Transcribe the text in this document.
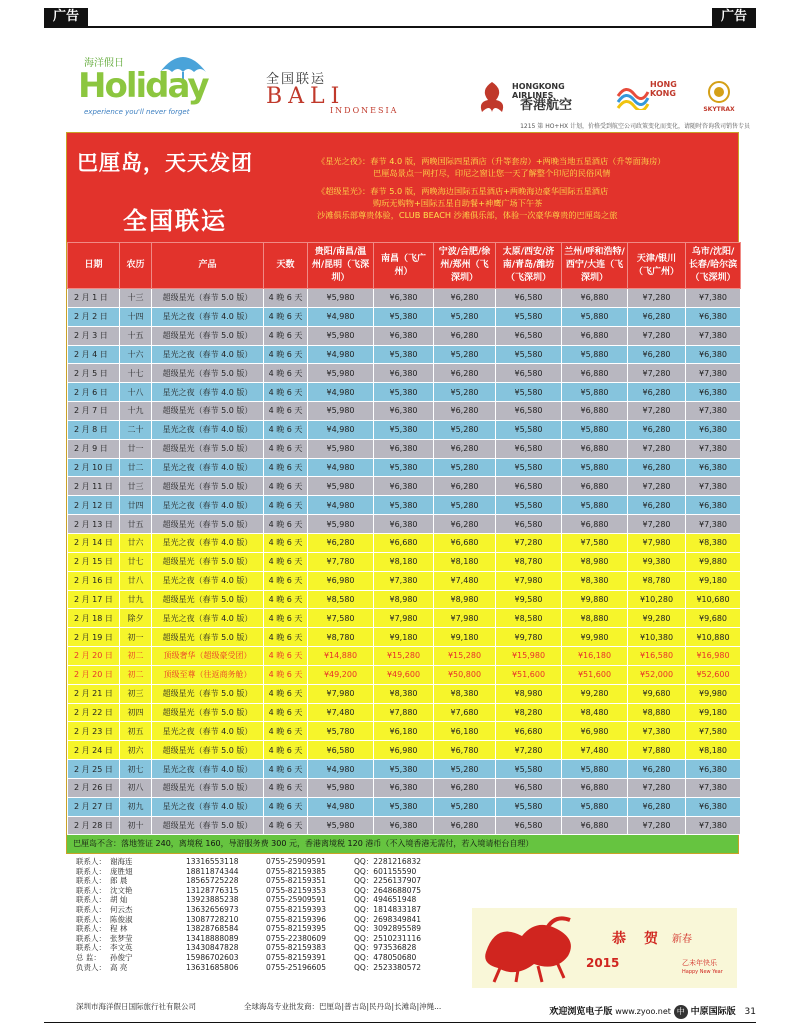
广告	广告
海洋假日
Holiday
experience you'll never forget
全国联运
BALI
INDONESIA
HONGKONG AIRLINES
香港航空
HONG KONG
SKYTRAX
1215 第 HO+HX 计划，价格受到航空公司政策变化而变化，请随时咨询我司销售专员
巴厘岛，天天发团
全国联运
《星光之夜》：春节 4.0 版，两晚国际四星酒店（升等套房）+两晚当地五星酒店（升等面海房）
巴厘岛景点一网打尽，印尼之窗让您一天了解整个印尼的民俗风情
《超级星光》：春节 5.0 版，两晚海边国际五星酒店+两晚海边豪华国际五星酒店
购玩无购物+国际五星自助餐+神鹰广场下午茶
沙滩俱乐部尊贵体验，CLUB BEACH 沙滩俱乐部，体验一次豪华尊贵的巴厘岛之旅
日期	农历	产品	天数	贵阳/南昌/温州/昆明（飞深圳）	南昌（飞广州）	宁波/合肥/徐州/郑州（飞深圳）	太原/西安/济南/青岛/潍坊（飞深圳）	兰州/呼和浩特/西宁/大连（飞深圳）	天津/银川（飞广州）	乌市/沈阳/长春/哈尔滨（飞深圳）
2 月 1 日	十三	超级星光（春节 5.0 版）	4 晚 6 天	¥5,980	¥6,380	¥6,280	¥6,580	¥6,880	¥7,280	¥7,380
2 月 2 日	十四	星光之夜（春节 4.0 版）	4 晚 6 天	¥4,980	¥5,380	¥5,280	¥5,580	¥5,880	¥6,280	¥6,380
2 月 3 日	十五	超级星光（春节 5.0 版）	4 晚 6 天	¥5,980	¥6,380	¥6,280	¥6,580	¥6,880	¥7,280	¥7,380
2 月 4 日	十六	星光之夜（春节 4.0 版）	4 晚 6 天	¥4,980	¥5,380	¥5,280	¥5,580	¥5,880	¥6,280	¥6,380
2 月 5 日	十七	超级星光（春节 5.0 版）	4 晚 6 天	¥5,980	¥6,380	¥6,280	¥6,580	¥6,880	¥7,280	¥7,380
2 月 6 日	十八	星光之夜（春节 4.0 版）	4 晚 6 天	¥4,980	¥5,380	¥5,280	¥5,580	¥5,880	¥6,280	¥6,380
2 月 7 日	十九	超级星光（春节 5.0 版）	4 晚 6 天	¥5,980	¥6,380	¥6,280	¥6,580	¥6,880	¥7,280	¥7,380
2 月 8 日	二十	星光之夜（春节 4.0 版）	4 晚 6 天	¥4,980	¥5,380	¥5,280	¥5,580	¥5,880	¥6,280	¥6,380
2 月 9 日	廿一	超级星光（春节 5.0 版）	4 晚 6 天	¥5,980	¥6,380	¥6,280	¥6,580	¥6,880	¥7,280	¥7,380
2 月 10 日	廿二	星光之夜（春节 4.0 版）	4 晚 6 天	¥4,980	¥5,380	¥5,280	¥5,580	¥5,880	¥6,280	¥6,380
2 月 11 日	廿三	超级星光（春节 5.0 版）	4 晚 6 天	¥5,980	¥6,380	¥6,280	¥6,580	¥6,880	¥7,280	¥7,380
2 月 12 日	廿四	星光之夜（春节 4.0 版）	4 晚 6 天	¥4,980	¥5,380	¥5,280	¥5,580	¥5,880	¥6,280	¥6,380
2 月 13 日	廿五	超级星光（春节 5.0 版）	4 晚 6 天	¥5,980	¥6,380	¥6,280	¥6,580	¥6,880	¥7,280	¥7,380
2 月 14 日	廿六	星光之夜（春节 4.0 版）	4 晚 6 天	¥6,280	¥6,680	¥6,680	¥7,280	¥7,580	¥7,980	¥8,380
2 月 15 日	廿七	超级星光（春节 5.0 版）	4 晚 6 天	¥7,780	¥8,180	¥8,180	¥8,780	¥8,980	¥9,380	¥9,880
2 月 16 日	廿八	星光之夜（春节 4.0 版）	4 晚 6 天	¥6,980	¥7,380	¥7,480	¥7,980	¥8,380	¥8,780	¥9,180
2 月 17 日	廿九	超级星光（春节 5.0 版）	4 晚 6 天	¥8,580	¥8,980	¥8,980	¥9,580	¥9,880	¥10,280	¥10,680
2 月 18 日	除夕	星光之夜（春节 4.0 版）	4 晚 6 天	¥7,580	¥7,980	¥7,980	¥8,580	¥8,880	¥9,280	¥9,680
2 月 19 日	初一	超级星光（春节 5.0 版）	4 晚 6 天	¥8,780	¥9,180	¥9,180	¥9,780	¥9,980	¥10,380	¥10,880
2 月 20 日	初二	顶级奢华（超级豪受团）	4 晚 6 天	¥14,880	¥15,280	¥15,280	¥15,980	¥16,180	¥16,580	¥16,980
2 月 20 日	初二	顶级至尊（往返商务舱）	4 晚 6 天	¥49,200	¥49,600	¥50,800	¥51,600	¥51,600	¥52,000	¥52,600
2 月 21 日	初三	超级星光（春节 5.0 版）	4 晚 6 天	¥7,980	¥8,380	¥8,380	¥8,980	¥9,280	¥9,680	¥9,980
2 月 22 日	初四	超级星光（春节 5.0 版）	4 晚 6 天	¥7,480	¥7,880	¥7,680	¥8,280	¥8,480	¥8,880	¥9,180
2 月 23 日	初五	星光之夜（春节 4.0 版）	4 晚 6 天	¥5,780	¥6,180	¥6,180	¥6,680	¥6,980	¥7,380	¥7,580
2 月 24 日	初六	超级星光（春节 5.0 版）	4 晚 6 天	¥6,580	¥6,980	¥6,780	¥7,280	¥7,480	¥7,880	¥8,180
2 月 25 日	初七	星光之夜（春节 4.0 版）	4 晚 6 天	¥4,980	¥5,380	¥5,280	¥5,580	¥5,880	¥6,280	¥6,380
2 月 26 日	初八	超级星光（春节 5.0 版）	4 晚 6 天	¥5,980	¥6,380	¥6,280	¥6,580	¥6,880	¥7,280	¥7,380
2 月 27 日	初九	星光之夜（春节 4.0 版）	4 晚 6 天	¥4,980	¥5,380	¥5,280	¥5,580	¥5,880	¥6,280	¥6,380
2 月 28 日	初十	超级星光（春节 5.0 版）	4 晚 6 天	¥5,980	¥6,380	¥6,280	¥6,580	¥6,880	¥7,280	¥7,380
巴厘岛不含：落地签证 240，离境税 160，导游服务费 300 元，香港离境税 120 港币（不入境香港无需付，若入境请柜台自理）
联系人： 谢海连	13316553118	0755-25909591	QQ：2281216832
联系人： 庞胜翅	18811874344	0755-82159385	QQ：601155590
联系人： 郎 晨	18565725228	0755-82159351	QQ：2256137907
联系人： 沈文艳	13128776315	0755-82159353	QQ：2648688075
联系人： 胡 灿	13923885238	0755-25909591	QQ：494651948
联系人： 何云杰	13632656973	0755-82159393	QQ：1814833187
联系人： 陈俊淑	13087728210	0755-82159396	QQ：2698349841
联系人： 程 林	13828768584	0755-82159395	QQ：3092895589
联系人： 张梦莹	13418888089	0755-22380609	QQ：2510231116
联系人： 李文英	13430847828	0755-82159383	QQ：973536828
总 监：	孙俊宁	15986702603	0755-82159391	QQ：478050680
负责人： 高 亮	13631685806	0755-25196605	QQ：2523380572
深圳市海洋假日国际旅行社有限公司	全球海岛专业批发商：巴厘岛|普吉岛|民丹岛|长滩岛|沖绳...
恭 贺 新春
2015	乙未年快乐
Happy New Year
欢迎浏览电子版 www.zyoo.net 中 中原国际版 31
